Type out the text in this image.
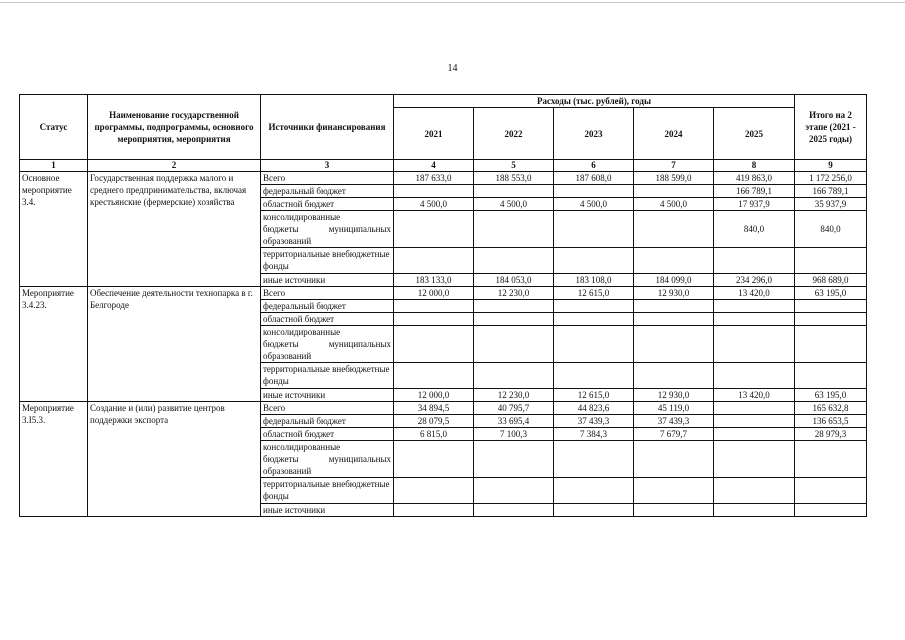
14
Статус	Наименование государственной программы, подпрограммы, основного мероприятия, мероприятия	Источники финансирования	Расходы (тыс. рублей), годы					Итого на 2 этапе (2021 - 2025 годы)
			2021	2022	2023	2024	2025	
1	2	3	4	5	6	7	8	9
Основное мероприятие 3.4.	Государственная поддержка малого и среднего предпринимательства, включая крестьянские (фермерские) хозяйства	Всего	187 633,0	188 553,0	187 608,0	188 599,0	419 863,0	1 172 256,0
		федеральный бюджет					166 789,1	166 789,1
		областной бюджет	4 500,0	4 500,0	4 500,0	4 500,0	17 937,9	35 937,9

		консолидированные
бюджеты муниципальных
образований					840,0	840,0
		территориальные внебюджетные фонды						
		иные источники	183 133,0	184 053,0	183 108,0	184 099,0	234 296,0	968 689,0
Мероприятие 3.4.23.	Обеспечение деятельности технопарка в г. Белгороде	Всего	12 000,0	12 230,0	12 615,0	12 930,0	13 420,0	63 195,0
		федеральный бюджет						
		областной бюджет						

		консолидированные
бюджеты муниципальных
образований						

		территориальные внебюджетные фонды						
		иные источники	12 000,0	12 230,0	12 615,0	12 930,0	13 420,0	63 195,0
Мероприятие 3.I5.3.	Создание и (или) развитие центров поддержки экспорта	Всего	34 894,5	40 795,7	44 823,6	45 119,0		165 632,8
		федеральный бюджет	28 079,5	33 695,4	37 439,3	37 439,3		136 653,5
		областной бюджет	6 815,0	7 100,3	7 384,3	7 679,7		28 979,3

		консолидированные
бюджеты муниципальных
образований						

		территориальные внебюджетные фонды						
		иные источники						
